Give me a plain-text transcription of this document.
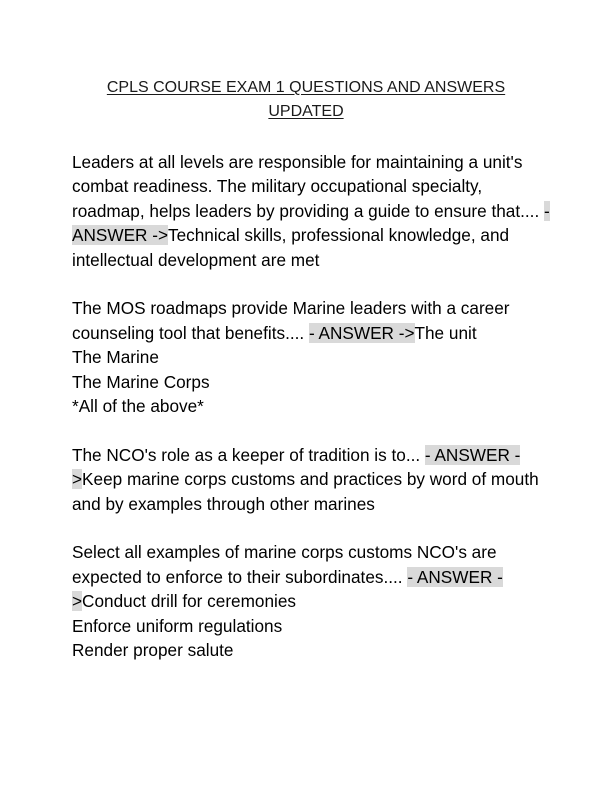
CPLS COURSE EXAM 1 QUESTIONS AND ANSWERS
UPDATED
Leaders at all levels are responsible for maintaining a unit's combat readiness. The military occupational specialty, roadmap, helps leaders by providing a guide to ensure that.... - ANSWER ->Technical skills, professional knowledge, and intellectual development are met
The MOS roadmaps provide Marine leaders with a career counseling tool that benefits.... - ANSWER ->The unit
The Marine
The Marine Corps
*All of the above*
The NCO's role as a keeper of tradition is to... - ANSWER ->Keep marine corps customs and practices by word of mouth and by examples through other marines
Select all examples of marine corps customs NCO's are expected to enforce to their subordinates.... - ANSWER ->Conduct drill for ceremonies
Enforce uniform regulations
Render proper salute
